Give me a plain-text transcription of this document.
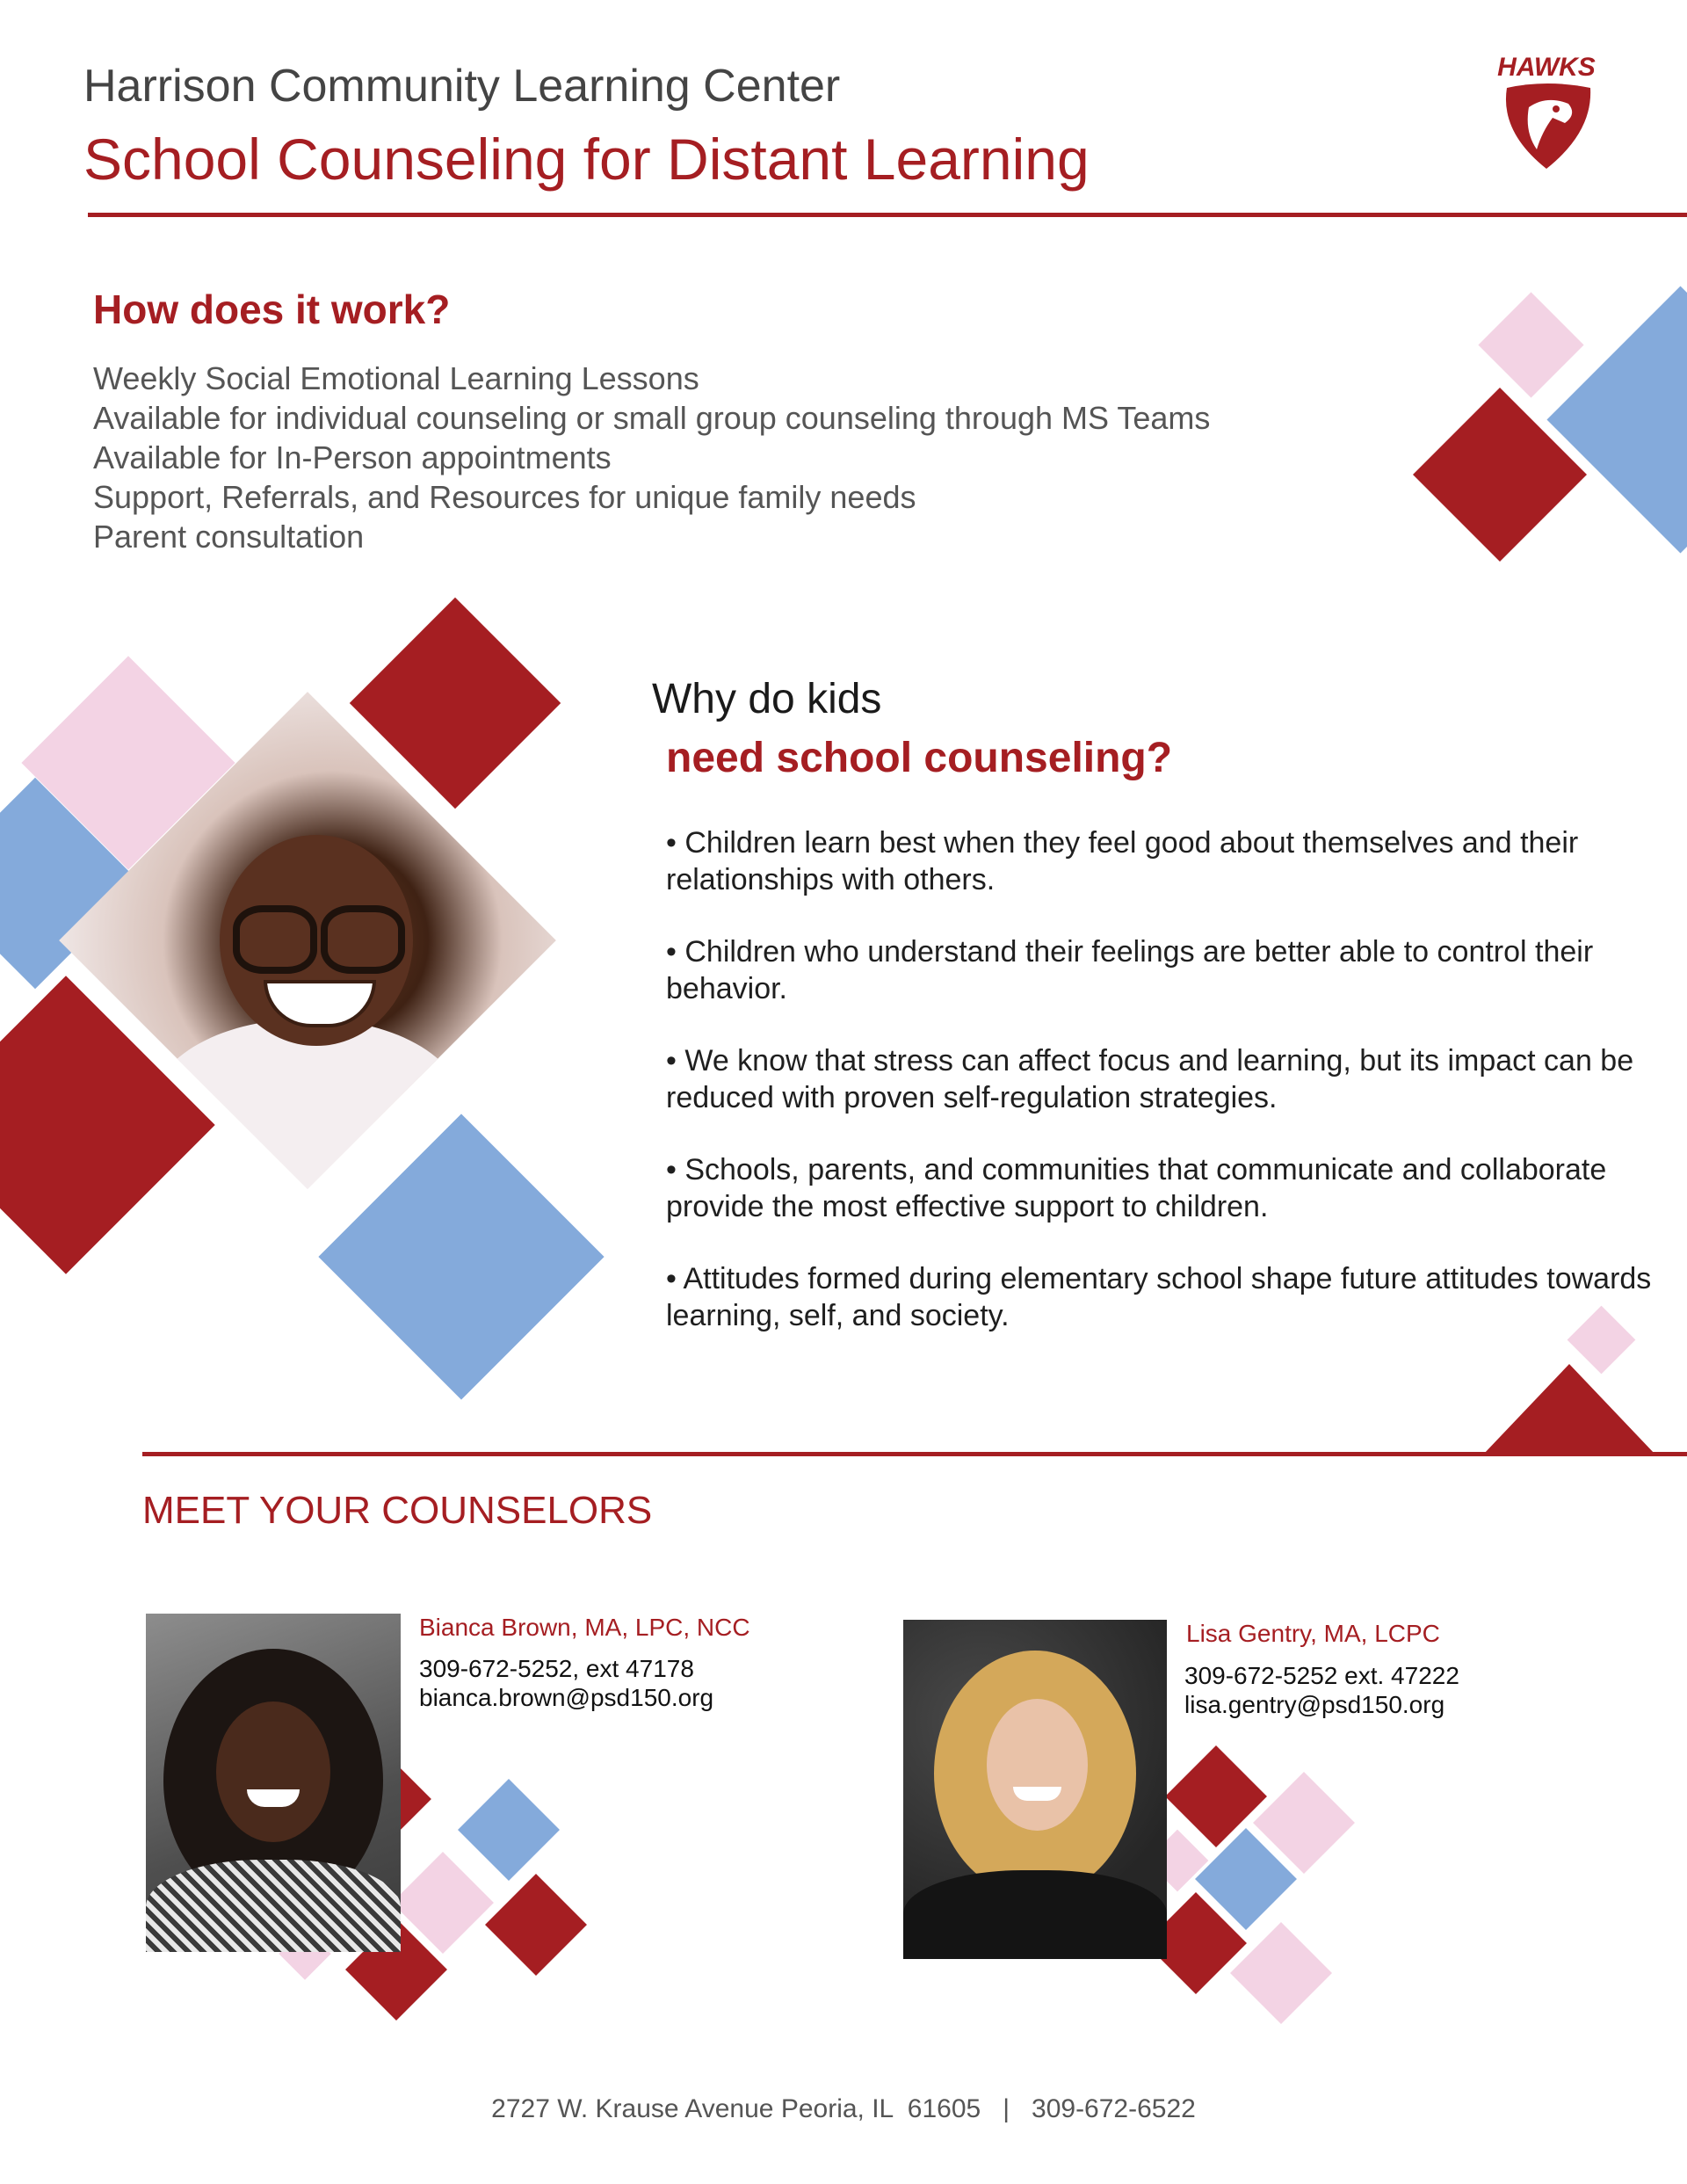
Harrison Community Learning Center
School Counseling for Distant Learning
HAWKS
How does it work?
Weekly Social Emotional Learning Lessons
Available for individual counseling or small group counseling through MS Teams
Available for In-Person appointments
Support, Referrals, and Resources for unique family needs
Parent consultation
Why do kids
need school counseling?
• Children learn best when they feel good about themselves and their relationships with others.
• Children who understand their feelings are better able to control their behavior.
• We know that stress can affect focus and learning, but its impact can be reduced with proven self-regulation strategies.
• Schools, parents, and communities that communicate and collaborate provide the most effective support to children.
• Attitudes formed during elementary school shape future attitudes towards learning, self, and society.
MEET YOUR COUNSELORS
Bianca Brown, MA, LPC, NCC
309-672-5252, ext 47178
bianca.brown@psd150.org
Lisa Gentry, MA, LCPC
309-672-5252 ext. 47222
lisa.gentry@psd150.org
2727 W. Krause Avenue Peoria, IL  61605   |   309-672-6522
